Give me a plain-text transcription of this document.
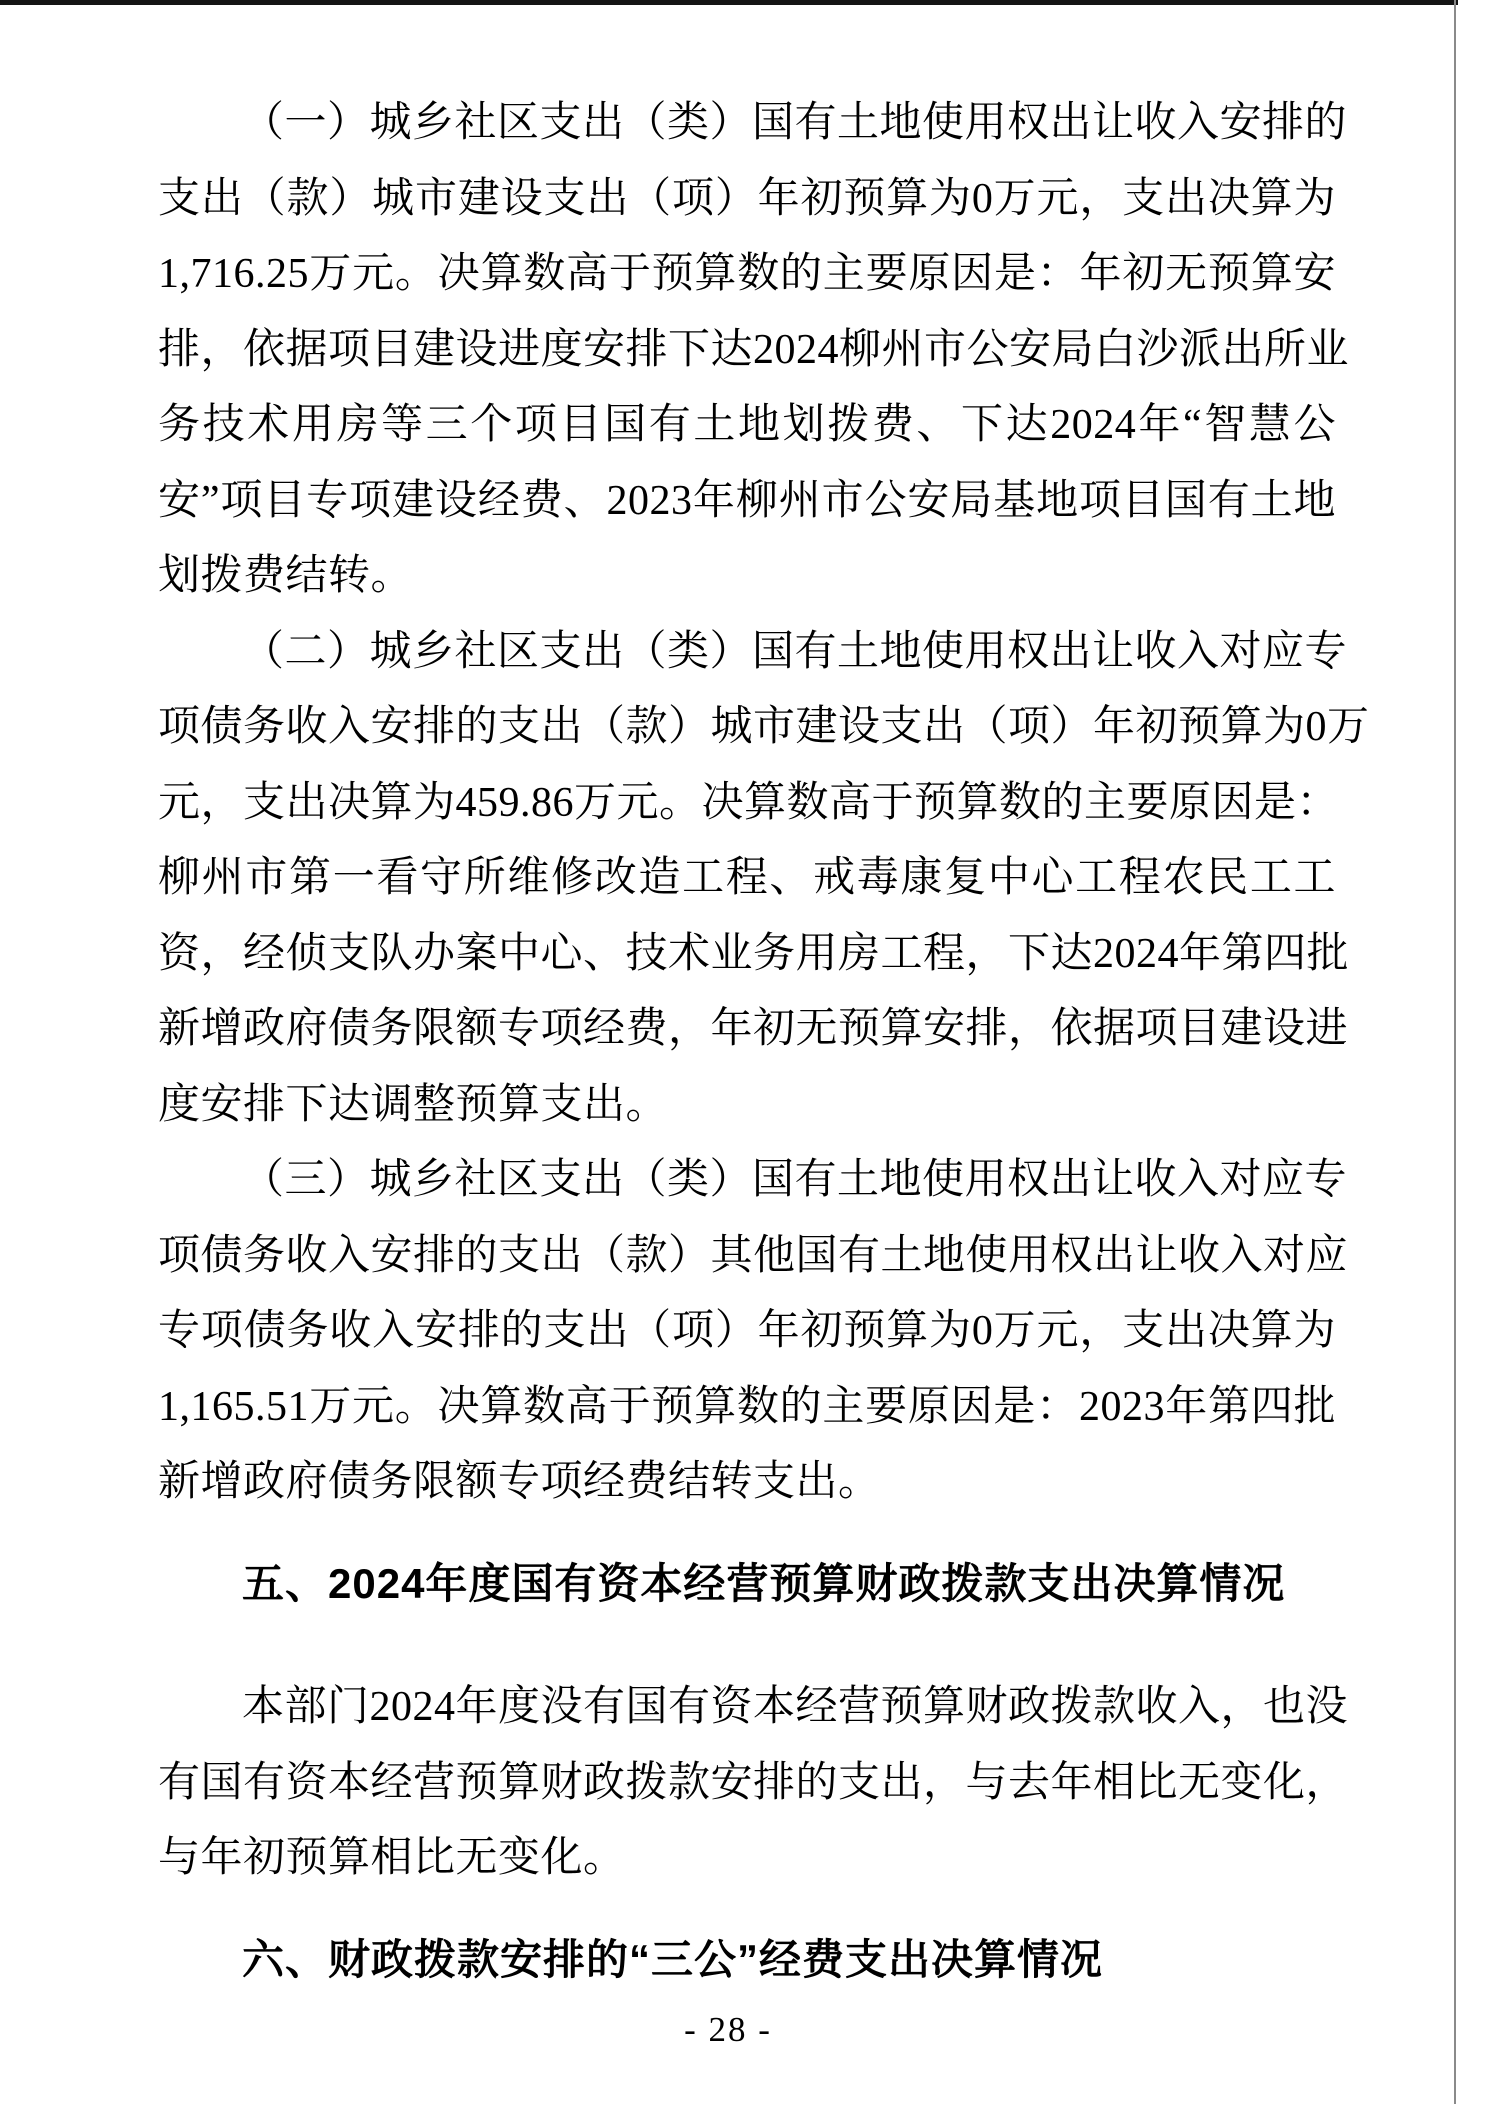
（一）城乡社区支出（类）国有土地使用权出让收入安排的
支出（款）城市建设支出（项）年初预算为0万元，支出决算为
1,716.25万元。决算数高于预算数的主要原因是：年初无预算安
排，依据项目建设进度安排下达2024柳州市公安局白沙派出所业
务技术用房等三个项目国有土地划拨费、下达2024年“智慧公
安”项目专项建设经费、2023年柳州市公安局基地项目国有土地
划拨费结转。
（二）城乡社区支出（类）国有土地使用权出让收入对应专
项债务收入安排的支出（款）城市建设支出（项）年初预算为0万
元，支出决算为459.86万元。决算数高于预算数的主要原因是：
柳州市第一看守所维修改造工程、戒毒康复中心工程农民工工
资，经侦支队办案中心、技术业务用房工程，下达2024年第四批
新增政府债务限额专项经费，年初无预算安排，依据项目建设进
度安排下达调整预算支出。
（三）城乡社区支出（类）国有土地使用权出让收入对应专
项债务收入安排的支出（款）其他国有土地使用权出让收入对应
专项债务收入安排的支出（项）年初预算为0万元，支出决算为
1,165.51万元。决算数高于预算数的主要原因是：2023年第四批
新增政府债务限额专项经费结转支出。
五、2024年度国有资本经营预算财政拨款支出决算情况
本部门2024年度没有国有资本经营预算财政拨款收入，也没
有国有资本经营预算财政拨款安排的支出，与去年相比无变化，
与年初预算相比无变化。
六、财政拨款安排的“三公”经费支出决算情况
- 28 -
